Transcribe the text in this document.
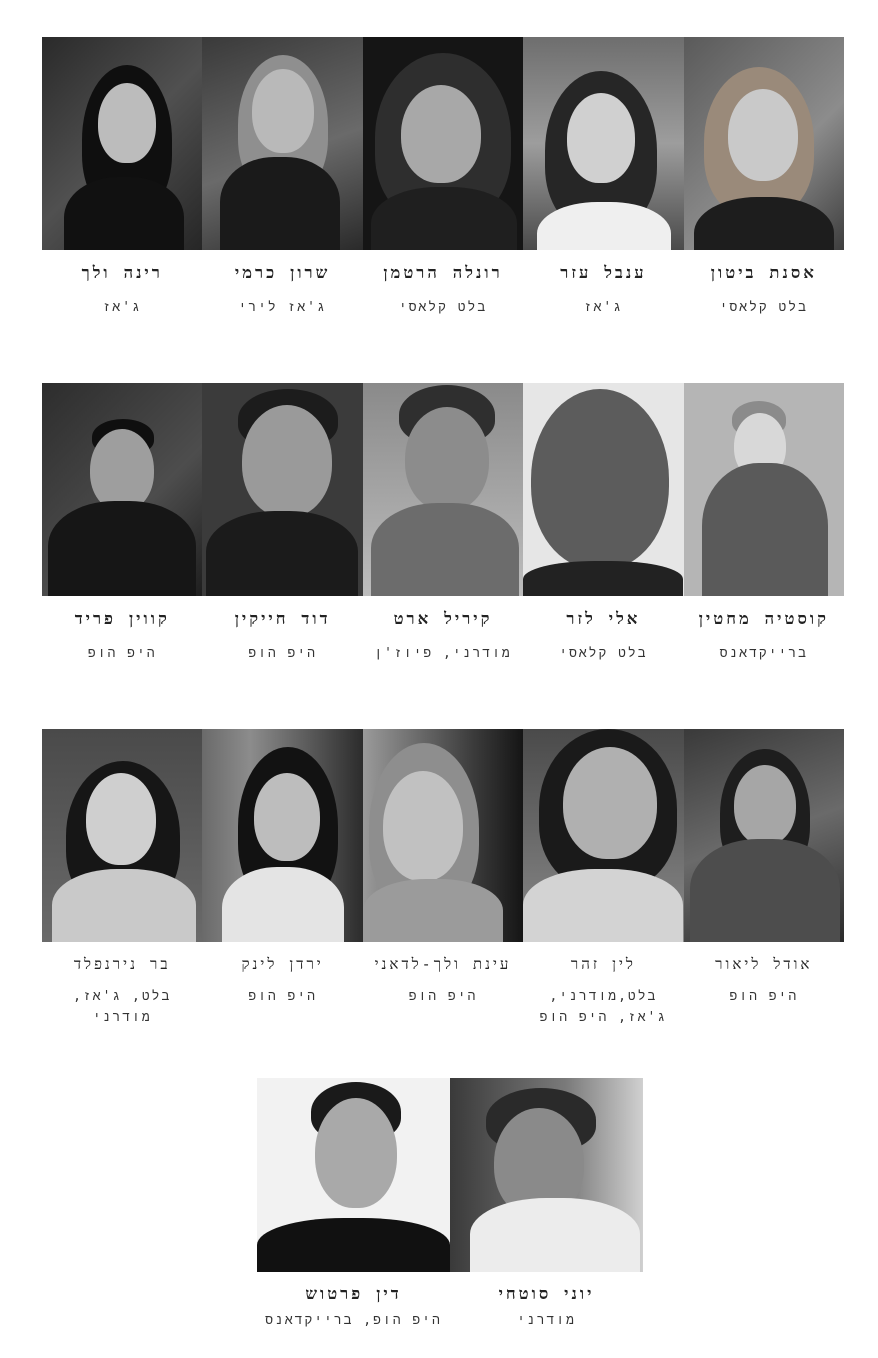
אסנת ביטון
בלט קלאסי
ענבל עזר
ג'אז
רונלה הרטמן
בלט קלאסי
שרון כרמי
ג'אז לירי
רינה ולך
ג'אז
קוסטיה מחטין
ברייקדאנס
אלי לזר
בלט קלאסי
קיריל ארט
מודרני, פיוז'ן
דוד חייקין
היפ הופ
קווין פריד
היפ הופ
אודל ליאור
היפ הופ
לין זהר
בלט,מודרני, ג'אז, היפ הופ
עינת ולך-לדאני
היפ הופ
ירדן לינק
היפ הופ
בר נירנפלד
בלט, ג'אז, מודרני
יוני סוטחי
מודרני
דין פרטוש
היפ הופ, ברייקדאנס
